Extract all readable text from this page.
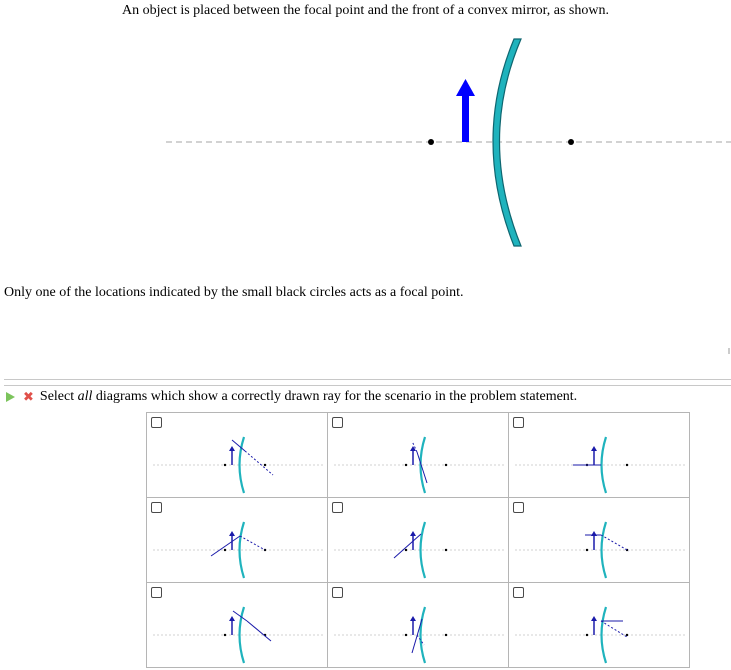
An object is placed between the focal point and the front of a convex mirror, as shown.

Only one of the locations indicated by the small black circles acts as a focal point.

✖ Select all diagrams which show a correctly drawn ray for the scenario in the problem statement.
